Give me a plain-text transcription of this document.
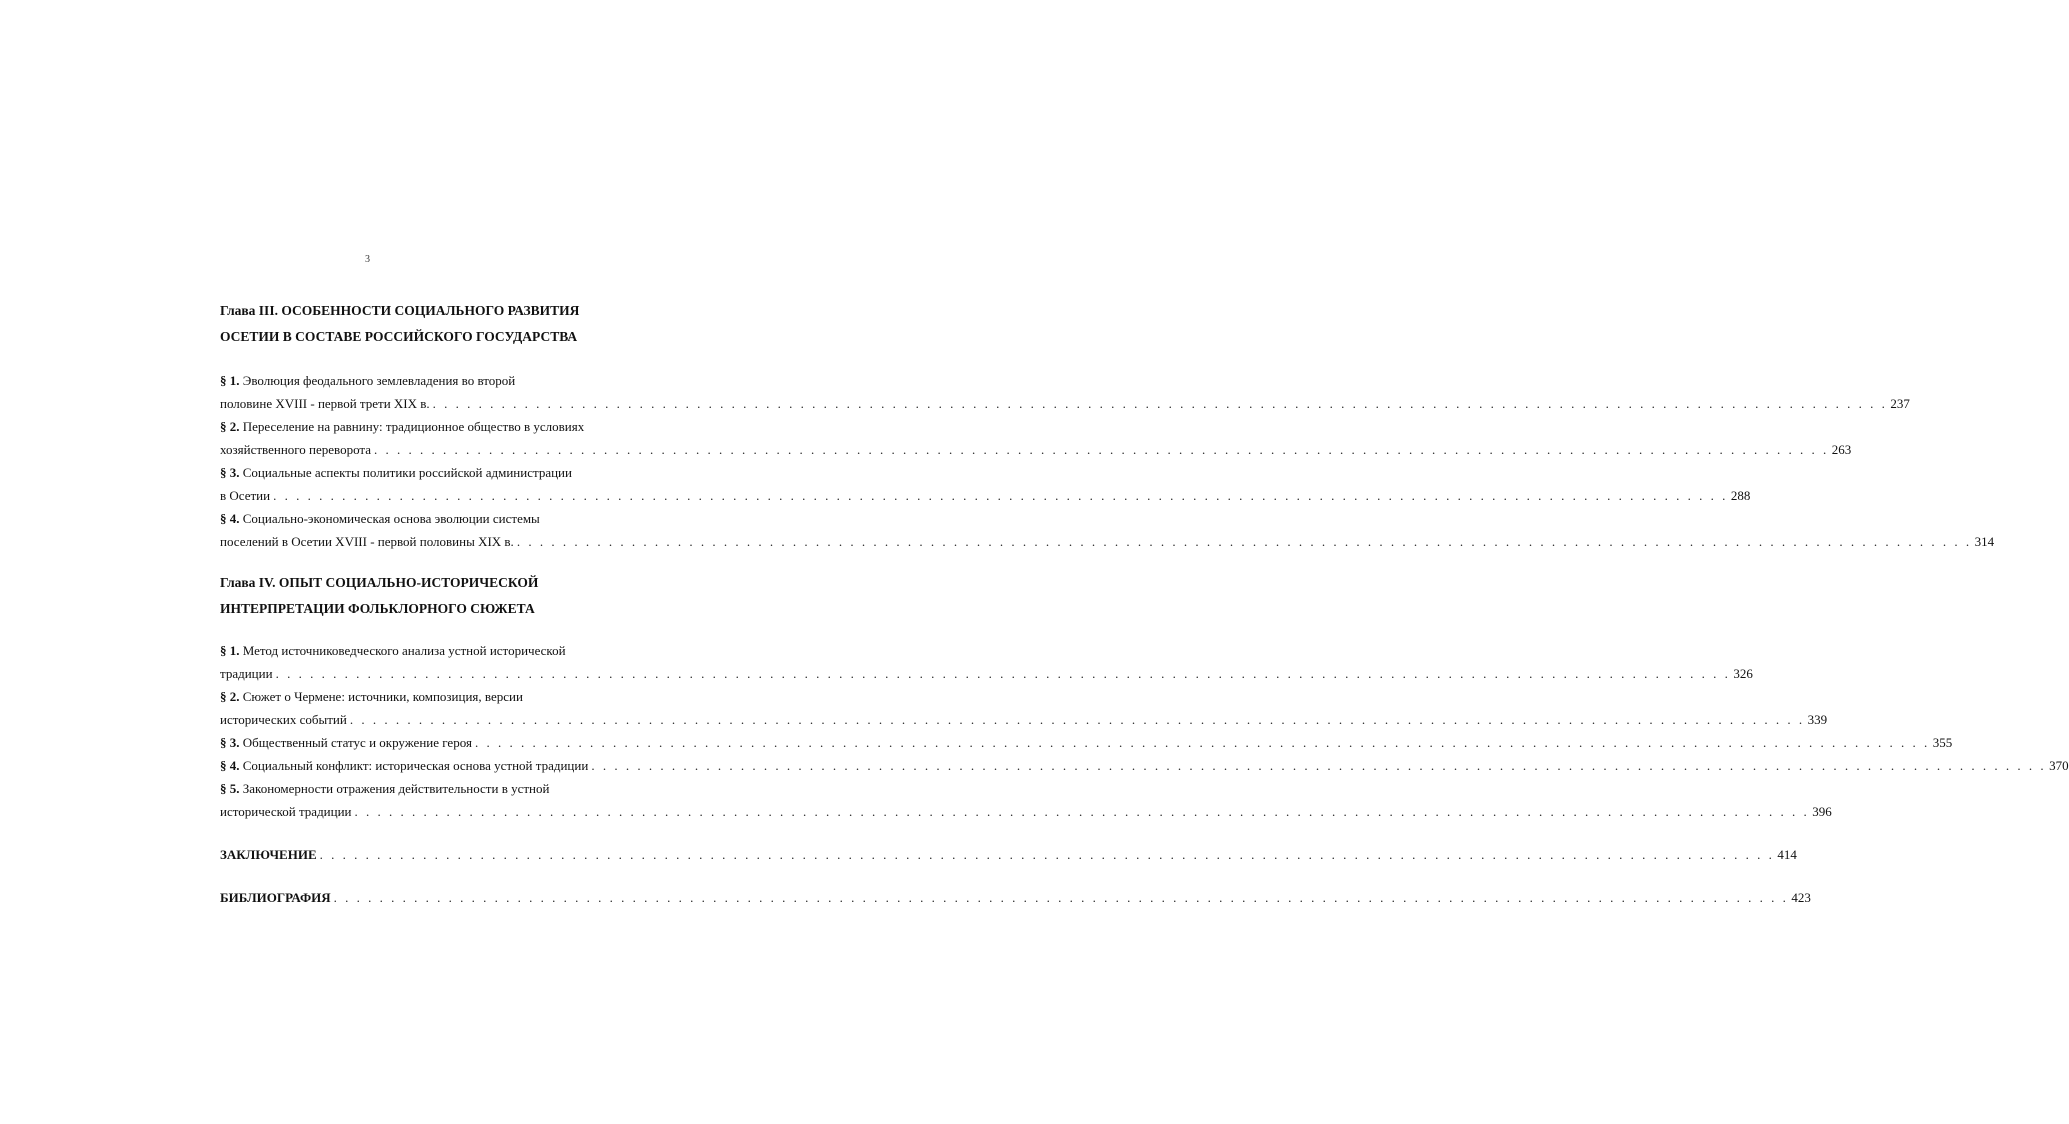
3
Глава III. ОСОБЕННОСТИ СОЦИАЛЬНОГО РАЗВИТИЯ
ОСЕТИИ В СОСТАВЕ РОССИЙСКОГО ГОСУДАРСТВА
§ 1. Эволюция феодального землевладения во второй
половине XVIII - первой трети XIX в. . . .	237
§ 2. Переселение на равнину: традиционное общество в условиях
хозяйственного переворота . . .	263
§ 3. Социальные аспекты политики российской администрации
в Осетии . . .	288
§ 4. Социально-экономическая основа эволюции системы
поселений в Осетии XVIII - первой половины XIX в. . . .	314
Глава IV. ОПЫТ СОЦИАЛЬНО-ИСТОРИЧЕСКОЙ
ИНТЕРПРЕТАЦИИ ФОЛЬКЛОРНОГО СЮЖЕТА
§ 1. Метод источниковедческого анализа устной исторической
традиции . . .	326
§ 2. Сюжет о Чермене: источники, композиция, версии
исторических событий . . .	339
§ 3. Общественный статус и окружение героя . . .	355
§ 4. Социальный конфликт: историческая основа устной традиции . . .	370
§ 5. Закономерности отражения действительности в устной
исторической традиции . . .	396
ЗАКЛЮЧЕНИЕ . . .	414
БИБЛИОГРАФИЯ . . .	423
